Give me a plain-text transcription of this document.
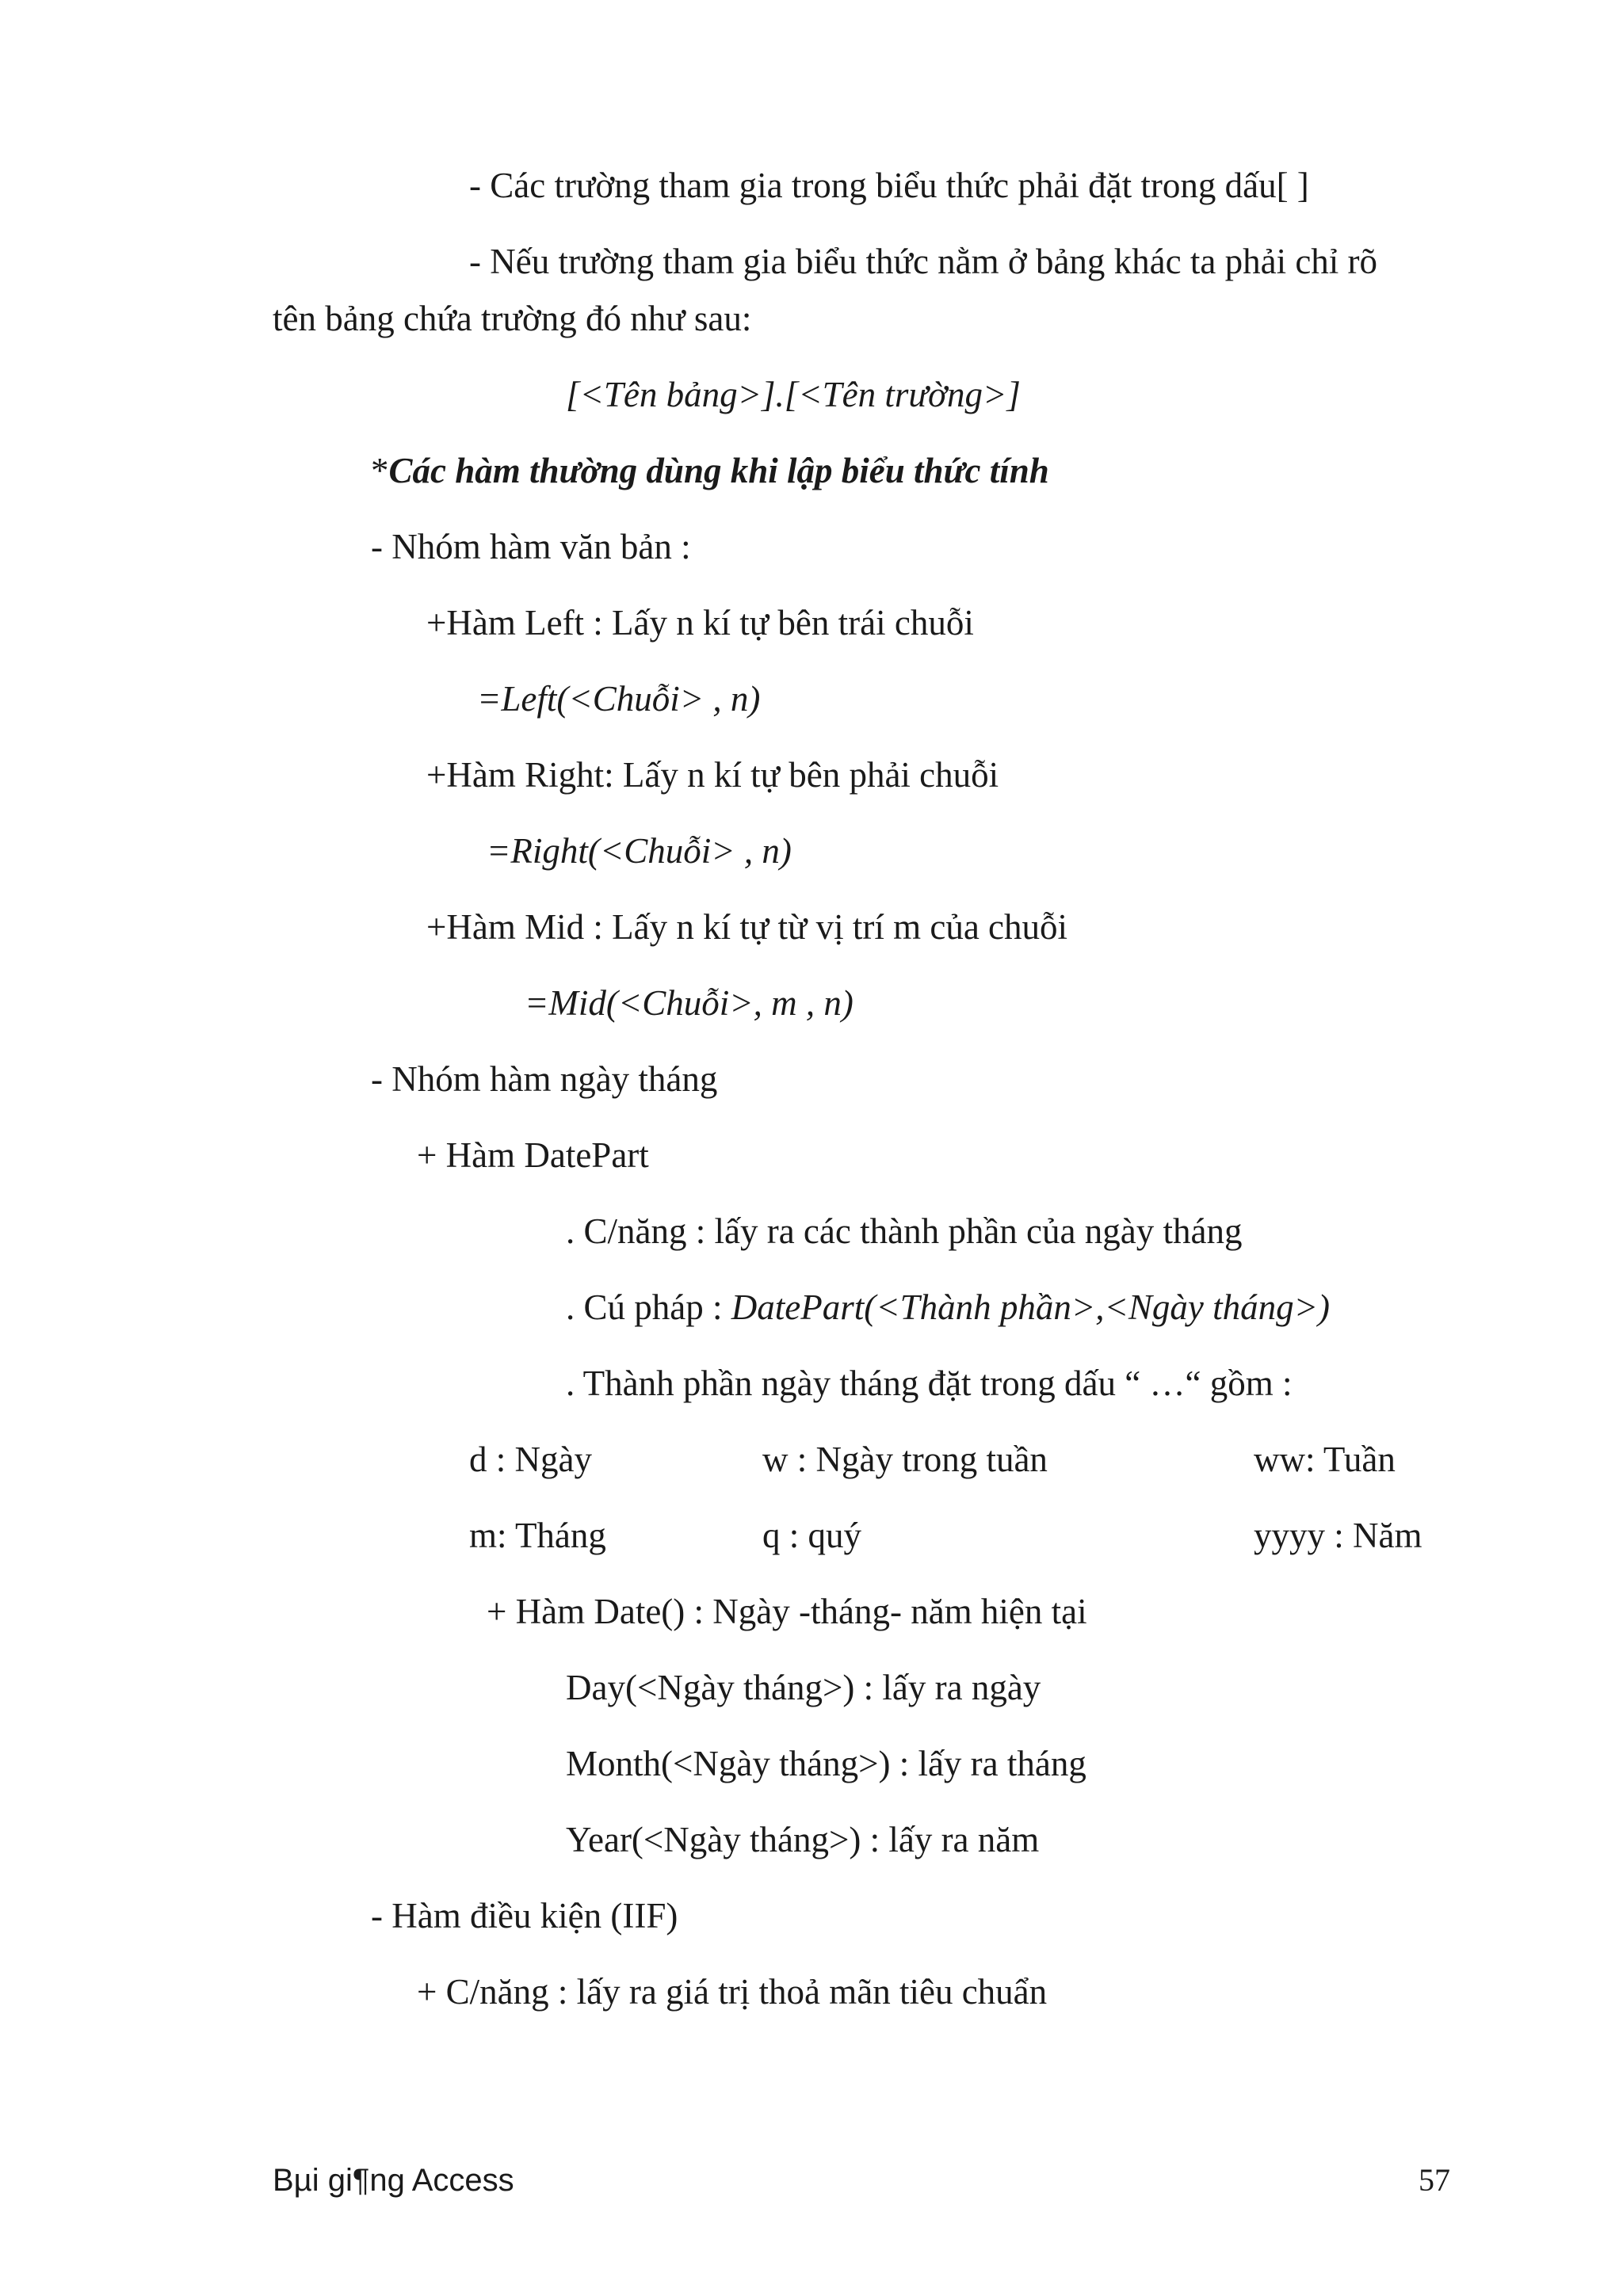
- Các trường tham gia trong biểu thức phải đặt trong dấu[ ]
- Nếu trường tham gia biểu thức nằm ở bảng khác ta phải chỉ rõ
tên bảng chứa trường đó như sau:
[<Tên bảng>].[<Tên trường>]
*Các hàm thường dùng khi lập biểu thức tính
- Nhóm hàm văn bản :
+Hàm Left : Lấy n kí tự bên trái chuỗi
=Left(<Chuỗi> , n)
+Hàm Right: Lấy n kí tự bên phải chuỗi
=Right(<Chuỗi> , n)
+Hàm Mid : Lấy n kí tự từ vị trí m của chuỗi
=Mid(<Chuỗi>, m , n)
- Nhóm hàm ngày tháng
+ Hàm DatePart
. C/năng : lấy ra các thành phần của ngày tháng
. Cú pháp : DatePart(<Thành phần>,<Ngày tháng>)
. Thành phần ngày tháng đặt trong dấu “ …“ gồm :
d : Ngày	w : Ngày trong tuần	ww: Tuần
m: Tháng	q : quý	yyyy : Năm
+ Hàm Date() : Ngày -tháng- năm hiện tại
Day(<Ngày tháng>) : lấy ra ngày
Month(<Ngày tháng>) : lấy ra tháng
Year(<Ngày tháng>) : lấy ra năm
- Hàm điều kiện (IIF)
+ C/năng : lấy ra giá trị thoả mãn tiêu chuẩn
Bµi gi¶ng Access	57
